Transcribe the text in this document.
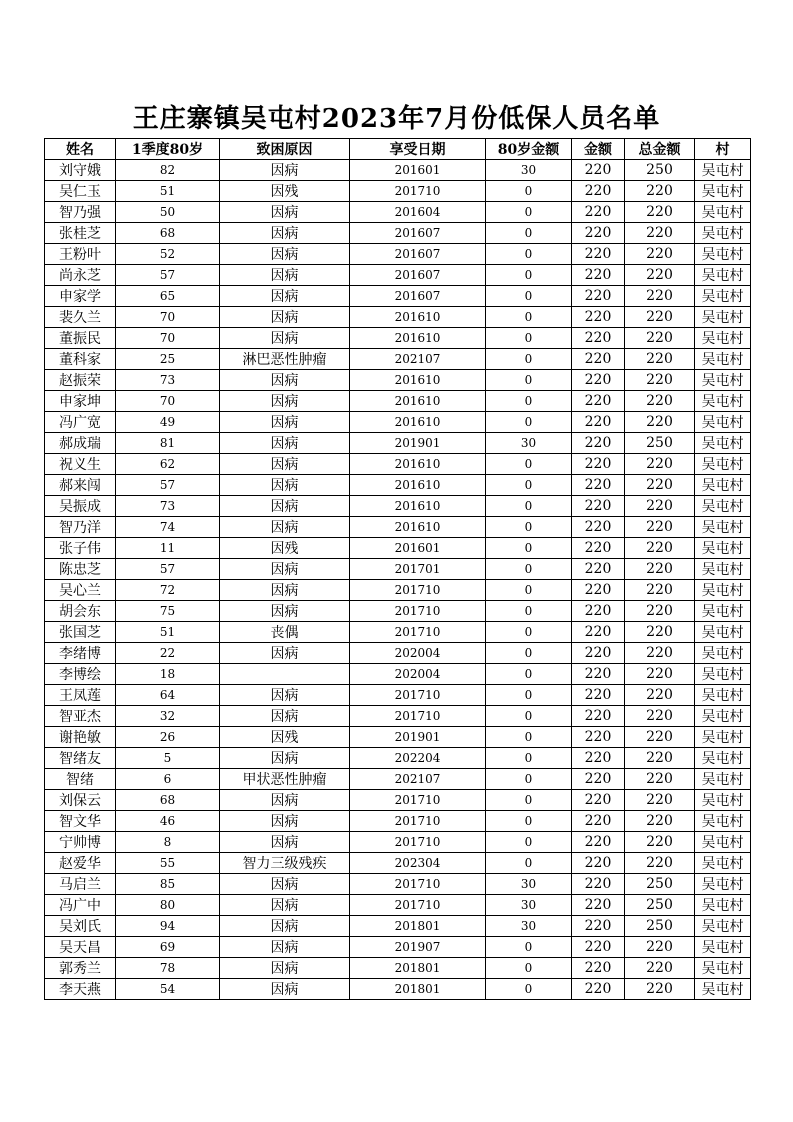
王庄寨镇吴屯村2023年7月份低保人员名单
姓名	1季度80岁	致困原因	享受日期	80岁金额	金额	总金额	村
刘守娥	82	因病	201601	30	220	250	吴屯村
吴仁玉	51	因残	201710	0	220	220	吴屯村
智乃强	50	因病	201604	0	220	220	吴屯村
张桂芝	68	因病	201607	0	220	220	吴屯村
王粉叶	52	因病	201607	0	220	220	吴屯村
尚永芝	57	因病	201607	0	220	220	吴屯村
申家学	65	因病	201607	0	220	220	吴屯村
裴久兰	70	因病	201610	0	220	220	吴屯村
董振民	70	因病	201610	0	220	220	吴屯村
董科家	25	淋巴恶性肿瘤	202107	0	220	220	吴屯村
赵振荣	73	因病	201610	0	220	220	吴屯村
申家坤	70	因病	201610	0	220	220	吴屯村
冯广宽	49	因病	201610	0	220	220	吴屯村
郝成瑞	81	因病	201901	30	220	250	吴屯村
祝义生	62	因病	201610	0	220	220	吴屯村
郝来闯	57	因病	201610	0	220	220	吴屯村
吴振成	73	因病	201610	0	220	220	吴屯村
智乃洋	74	因病	201610	0	220	220	吴屯村
张子伟	11	因残	201601	0	220	220	吴屯村
陈忠芝	57	因病	201701	0	220	220	吴屯村
吴心兰	72	因病	201710	0	220	220	吴屯村
胡会东	75	因病	201710	0	220	220	吴屯村
张国芝	51	丧偶	201710	0	220	220	吴屯村
李绪博	22	因病	202004	0	220	220	吴屯村
李博绘	18		202004	0	220	220	吴屯村
王凤莲	64	因病	201710	0	220	220	吴屯村
智亚杰	32	因病	201710	0	220	220	吴屯村
谢艳敏	26	因残	201901	0	220	220	吴屯村
智绪友	5	因病	202204	0	220	220	吴屯村
智绪	6	甲状恶性肿瘤	202107	0	220	220	吴屯村
刘保云	68	因病	201710	0	220	220	吴屯村
智文华	46	因病	201710	0	220	220	吴屯村
宁帅博	8	因病	201710	0	220	220	吴屯村
赵爱华	55	智力三级残疾	202304	0	220	220	吴屯村
马启兰	85	因病	201710	30	220	250	吴屯村
冯广中	80	因病	201710	30	220	250	吴屯村
吴刘氏	94	因病	201801	30	220	250	吴屯村
吴天昌	69	因病	201907	0	220	220	吴屯村
郭秀兰	78	因病	201801	0	220	220	吴屯村
李天燕	54	因病	201801	0	220	220	吴屯村
